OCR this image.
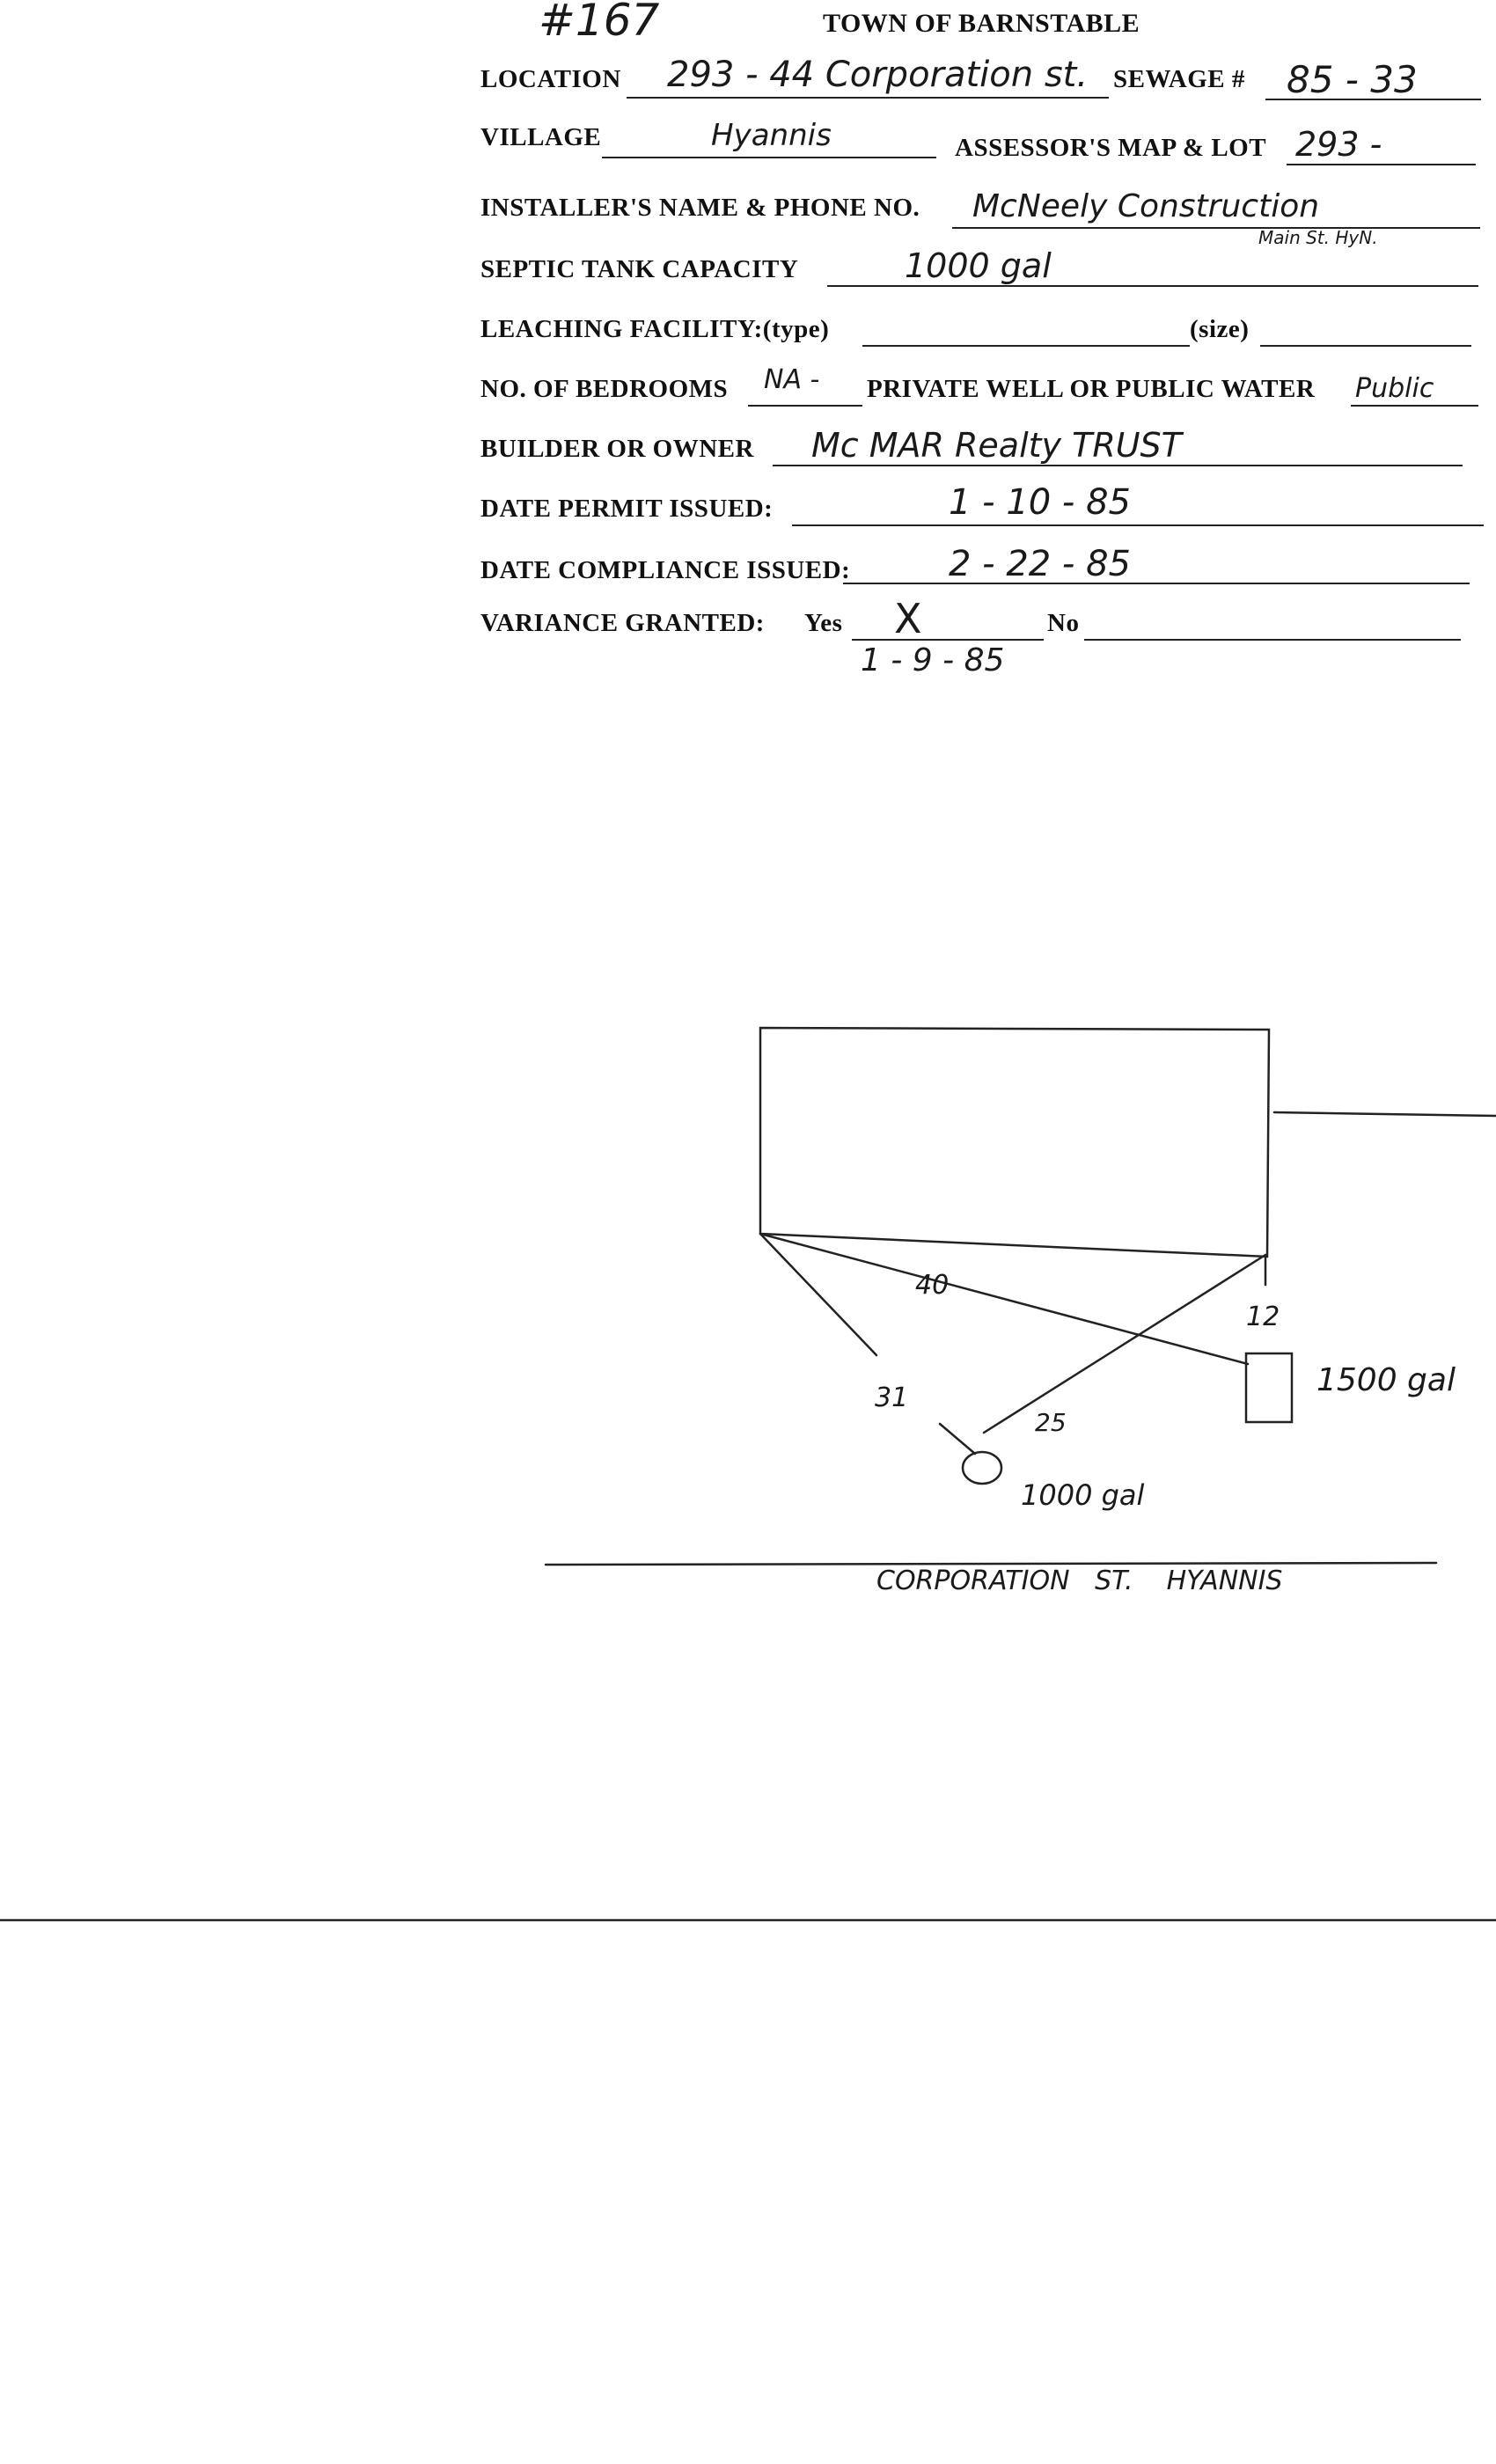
#167	TOWN OF BARNSTABLE
LOCATION 293 - 44 Corporation st. SEWAGE # 85 - 33
VILLAGE	Hyannis	ASSESSOR'S MAP & LOT 293 -
INSTALLER'S NAME & PHONE NO. McNeely Construction
Main St. HyN.
SEPTIC TANK CAPACITY	1000 gal
LEACHING FACILITY:(type)	(size)
NO. OF BEDROOMS NA - PRIVATE WELL OR PUBLIC WATER Public
BUILDER OR OWNER Mc MAR Realty TRUST
DATE PERMIT ISSUED:	1 - 10 - 85
DATE COMPLIANCE ISSUED:	2 - 22 - 85
VARIANCE GRANTED: Yes X	No
1 - 9 - 85
40
31
25
12
1500 gal
1000 gal
CORPORATION   ST.    HYANNIS
